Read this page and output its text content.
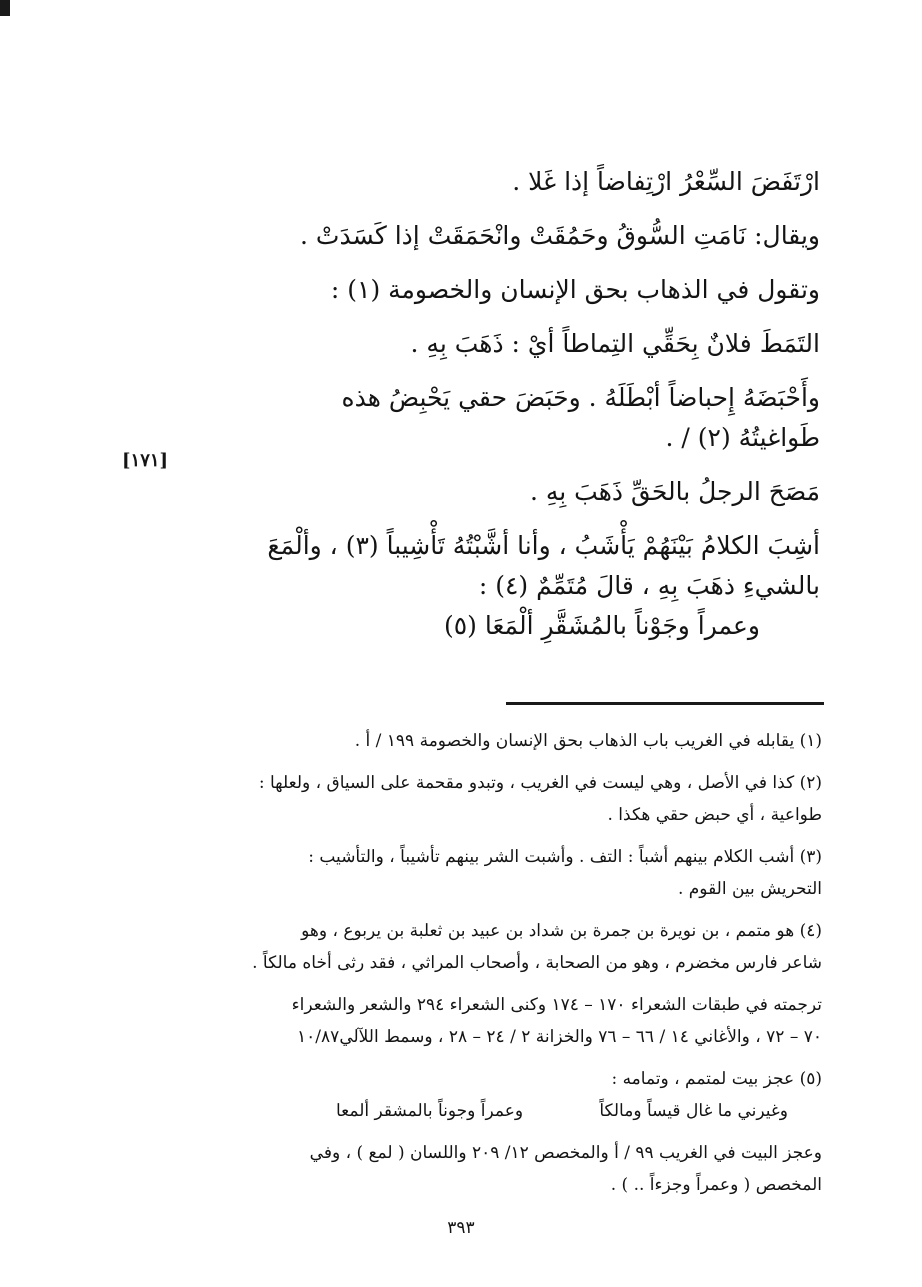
ارْتَفَضَ السِّعْرُ ارْتِفاضاً إذا غَلا .
ويقال: نَامَتِ السُّوقُ وحَمُقَتْ وانْحَمَقَتْ إذا كَسَدَتْ .
وتقول في الذهاب بحق الإنسان والخصومة (١) :
التَمَطَ فلانٌ بِحَقِّي التِماطاً أيْ : ذَهَبَ بِهِ .
وأَحْبَضَهُ إِحباضاً أبْطَلَهُ . وحَبَضَ حقي يَحْبِضُ هذه
طَواغيتُهُ (٢) / .
مَصَحَ الرجلُ بالحَقِّ ذَهَبَ بِهِ .
أشِبَ الكلامُ بَيْنَهُمْ يَأْشَبُ ، وأنا أشَّبْتُهُ تَأْشِيباً (٣) ، وألْمَعَ
بالشيءِ ذهَبَ بِهِ ، قالَ مُتَمِّمٌ (٤) :
وعمراً وجَوْناً بالمُشَقَّرِ ألْمَعَا (٥)
[١٧١]
(١) يقابله في الغريب باب الذهاب بحق الإنسان والخصومة ١٩٩ / أ .
(٢) كذا في الأصل ، وهي ليست في الغريب ، وتبدو مقحمة على السياق ، ولعلها :
طواعية ، أي حبض حقي هكذا .
(٣) أشب الكلام بينهم أشباً : التف . وأشبت الشر بينهم تأشيباً ، والتأشيب :
التحريش بين القوم .
(٤) هو متمم ، بن نويرة بن جمرة بن شداد بن عبيد بن ثعلبة بن يربوع ، وهو
شاعر فارس مخضرم ، وهو من الصحابة ، وأصحاب المراثي ، فقد رثى أخاه مالكاً .
ترجمته في طبقات الشعراء ١٧٠ – ١٧٤ وكنى الشعراء ٢٩٤ والشعر والشعراء
٧٠ – ٧٢ ، والأغاني ١٤ / ٦٦ – ٧٦ والخزانة ٢ / ٢٤ – ٢٨ ، وسمط اللآلي١٠/٨٧
(٥) عجز بيت لمتمم ، وتمامه :
وغيرني ما غال قيساً ومالكاً
وعمراً وجوناً بالمشقر ألمعا
وعجز البيت في الغريب ٩٩ / أ والمخصص ١٢/ ٢٠٩ واللسان ( لمع ) ، وفي
المخصص ( وعمراً وجزءاً .. ) .
٣٩٣
